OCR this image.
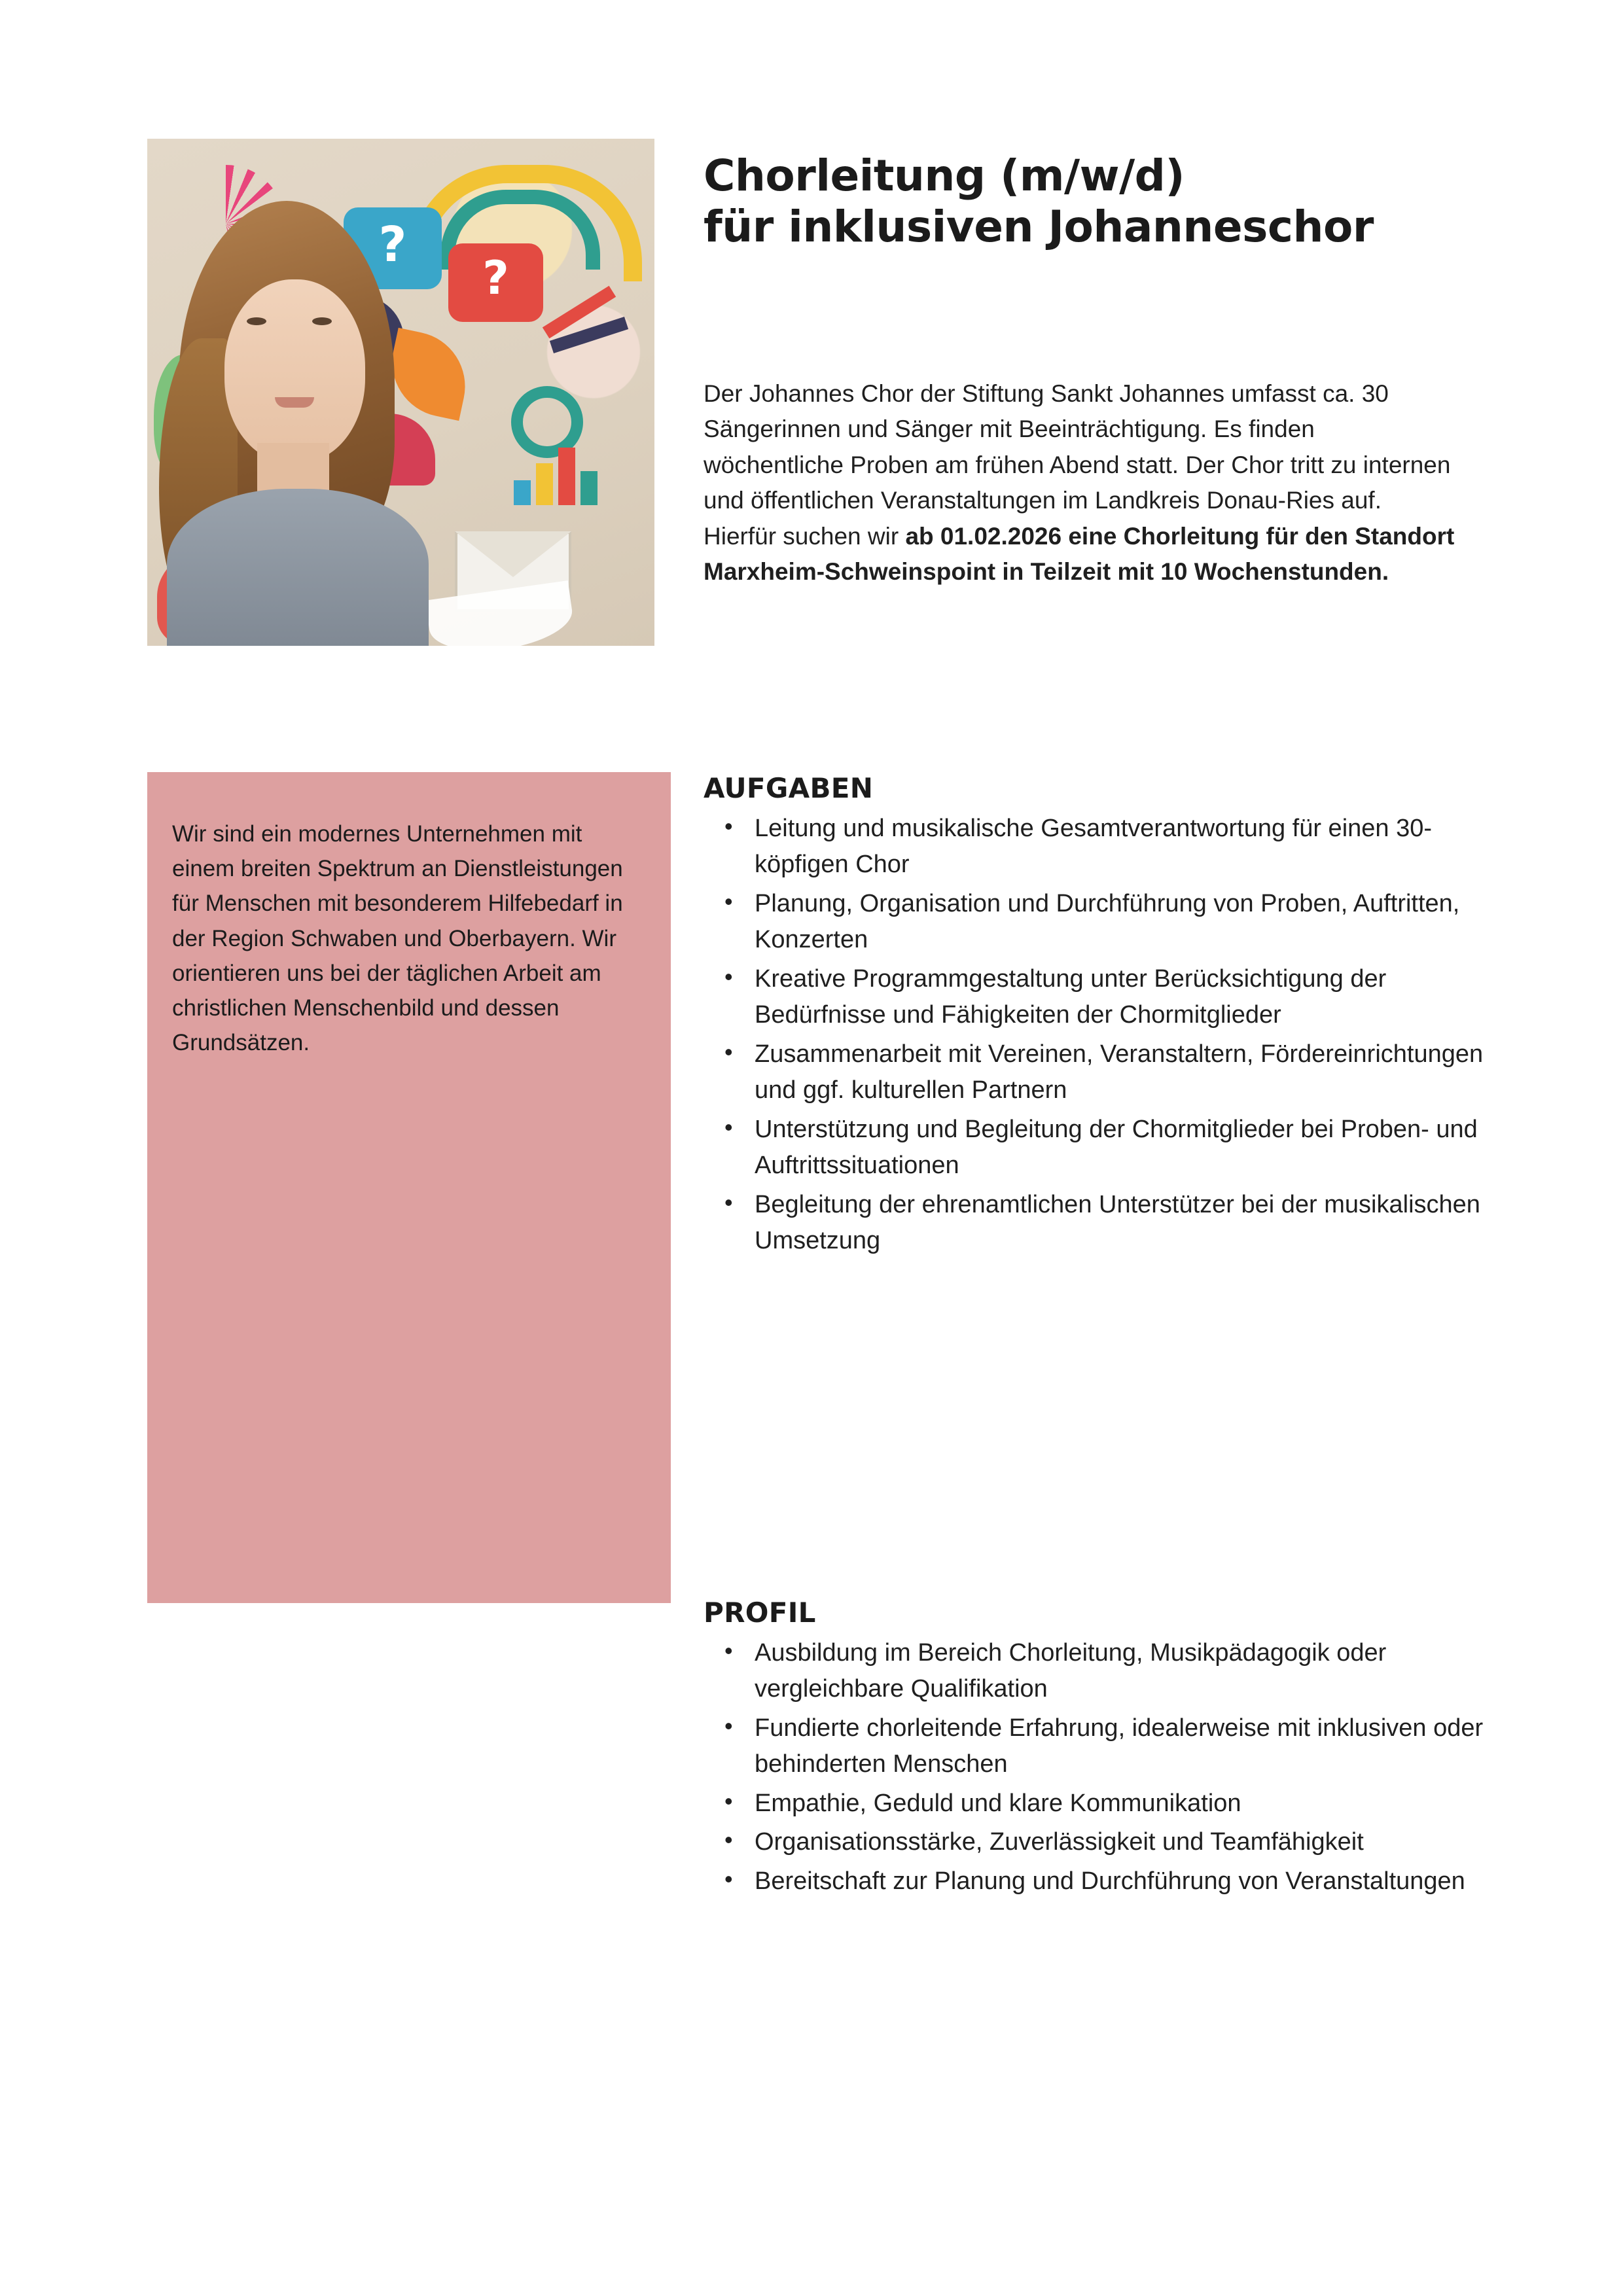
?
?
€
Chorleitung (m/w/d)
für inklusiven Johanneschor
Der Johannes Chor der Stiftung Sankt Johannes umfasst ca. 30 Sängerinnen und Sänger mit Beeinträchtigung. Es finden wöchentliche Proben am frühen Abend statt. Der Chor tritt zu internen und öffentlichen Veranstaltungen im Landkreis Donau-Ries auf. Hierfür suchen wir ab 01.02.2026 eine Chorleitung für den Standort Marxheim-Schweinspoint in Teilzeit mit 10 Wochenstunden.
Wir sind ein modernes Unternehmen mit einem breiten Spektrum an Dienstleistungen für Menschen mit besonderem Hilfebedarf in der Region Schwaben und Oberbayern. Wir orientieren uns bei der täglichen Arbeit am christlichen Menschenbild und dessen Grundsätzen.
AUFGABEN
• Leitung und musikalische Gesamtverantwortung für einen 30-köpfigen Chor
• Planung, Organisation und Durchführung von Proben, Auftritten, Konzerten
• Kreative Programmgestaltung unter Berücksichtigung der Bedürfnisse und Fähigkeiten der Chormitglieder
• Zusammenarbeit mit Vereinen, Veranstaltern, Fördereinrichtungen und ggf. kulturellen Partnern
• Unterstützung und Begleitung der Chormitglieder bei Proben- und Auftrittssituationen
• Begleitung der ehrenamtlichen Unterstützer bei der musikalischen Umsetzung
PROFIL
• Ausbildung im Bereich Chorleitung, Musikpädagogik oder vergleichbare Qualifikation
• Fundierte chorleitende Erfahrung, idealerweise mit inklusiven oder behinderten Menschen
• Empathie, Geduld und klare Kommunikation
• Organisationsstärke, Zuverlässigkeit und Teamfähigkeit
• Bereitschaft zur Planung und Durchführung von Veranstaltungen
